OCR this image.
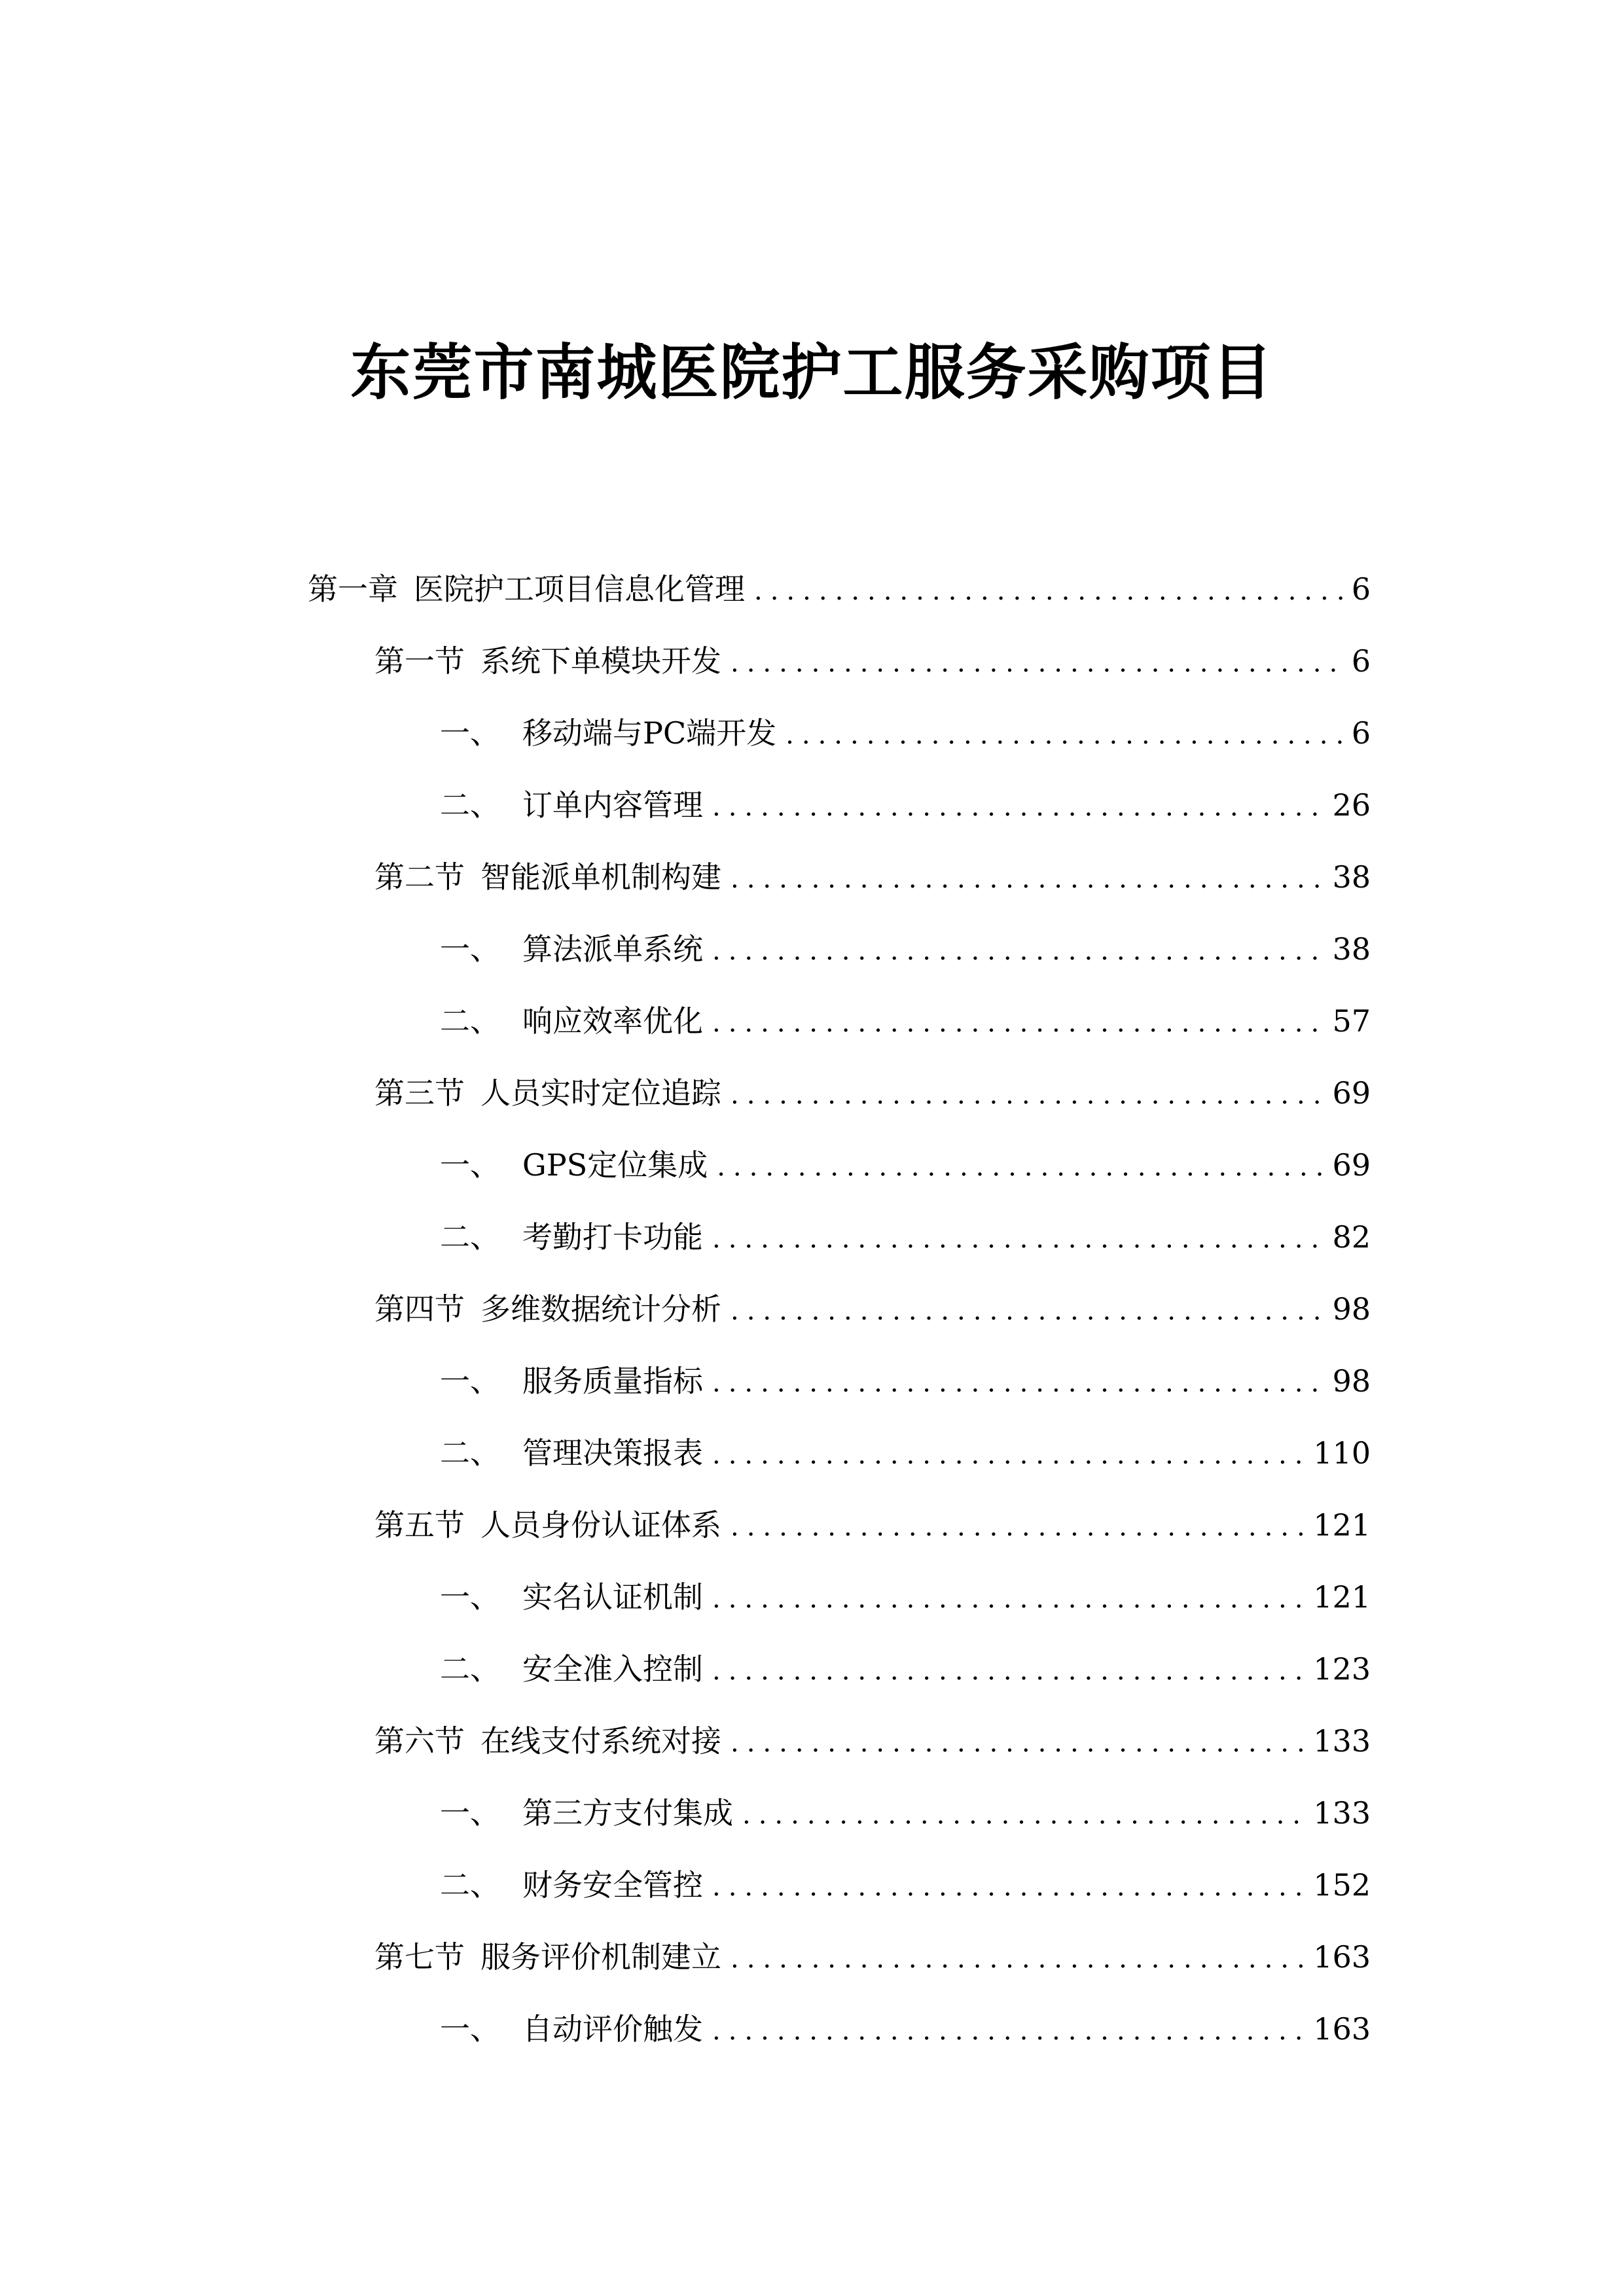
东莞市南城医院护工服务采购项目
第一章 医院护工项目信息化管理 .....	6
第一节 系统下单模块开发 .....	6
一、 移动端与PC端开发 .....	6
二、 订单内容管理 .....	26
第二节 智能派单机制构建 .....	38
一、 算法派单系统 .....	38
二、 响应效率优化 .....	57
第三节 人员实时定位追踪 .....	69
一、 GPS定位集成 .....	69
二、 考勤打卡功能 .....	82
第四节 多维数据统计分析 .....	98
一、 服务质量指标 .....	98
二、 管理决策报表 .....	110
第五节 人员身份认证体系 .....	121
一、 实名认证机制 .....	121
二、 安全准入控制 .....	123
第六节 在线支付系统对接 .....	133
一、 第三方支付集成 .....	133
二、 财务安全管控 .....	152
第七节 服务评价机制建立 .....	163
一、 自动评价触发 .....	163
